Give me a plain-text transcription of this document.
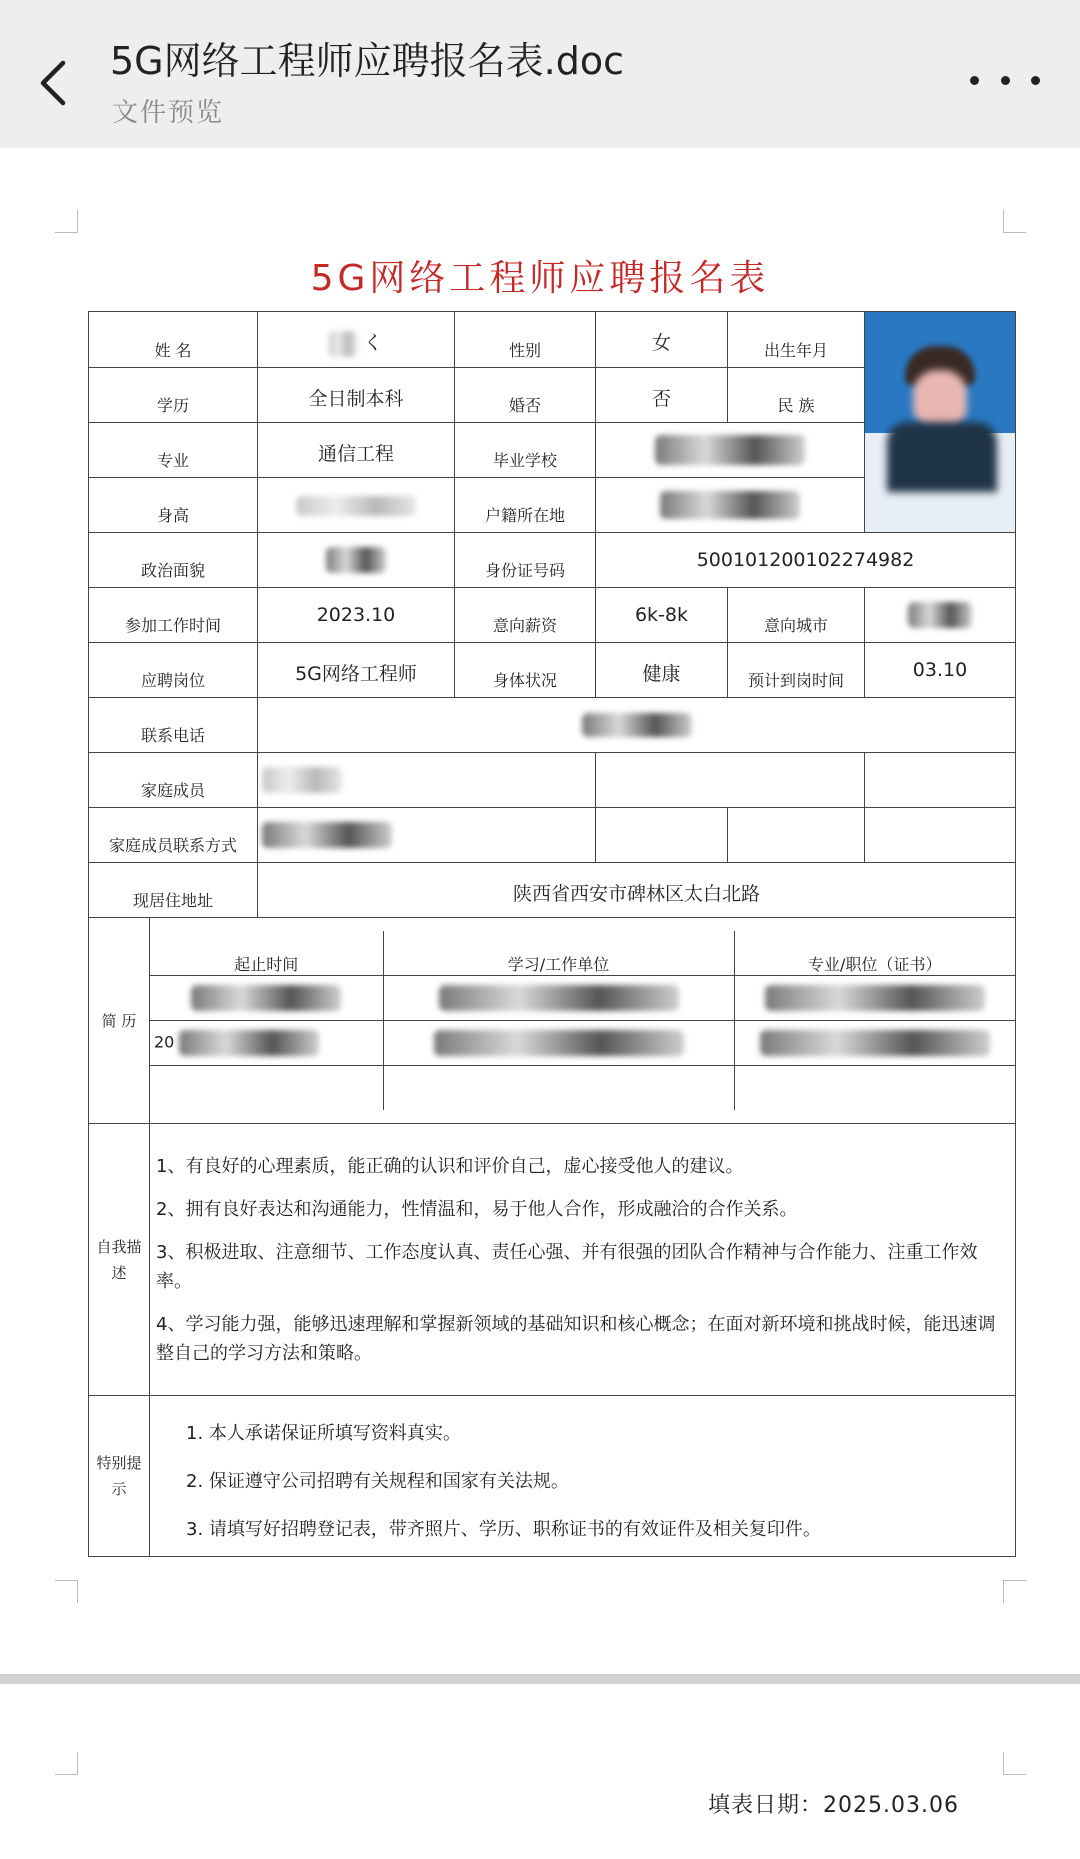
5G网络工程师应聘报名表.doc
文件预览
5G网络工程师应聘报名表
姓 名	く	性别	女	出生年月	

学历	全日制本科	婚否	否	民 族
专业	通信工程	毕业学校	
身高		户籍所在地	
政治面貌		身份证号码	500101200102274982
参加工作时间	2023.10	意向薪资	6k-8k	意向城市	
应聘岗位	5G网络工程师	身体状况	健康	预计到岗时间	03.10
联系电话	
家庭成员			
家庭成员联系方式				
现居住地址	陕西省西安市碑林区太白北路
简 历	
起止时间	学习/工作单位	专业/职位（证书）

20		

自我描述	

1、有良好的心理素质，能正确的认识和评价自己，虚心接受他人的建议。

2、拥有良好表达和沟通能力，性情温和，易于他人合作，形成融洽的合作关系。

3、积极进取、注意细节、工作态度认真、责任心强、并有很强的团队合作精神与合作能力、注重工作效率。

4、学习能力强，能够迅速理解和掌握新领域的基础知识和核心概念；在面对新环境和挑战时候，能迅速调整自己的学习方法和策略。

特别提示	

1. 本人承诺保证所填写资料真实。

2. 保证遵守公司招聘有关规程和国家有关法规。

3. 请填写好招聘登记表，带齐照片、学历、职称证书的有效证件及相关复印件。

填表日期：2025.03.06
